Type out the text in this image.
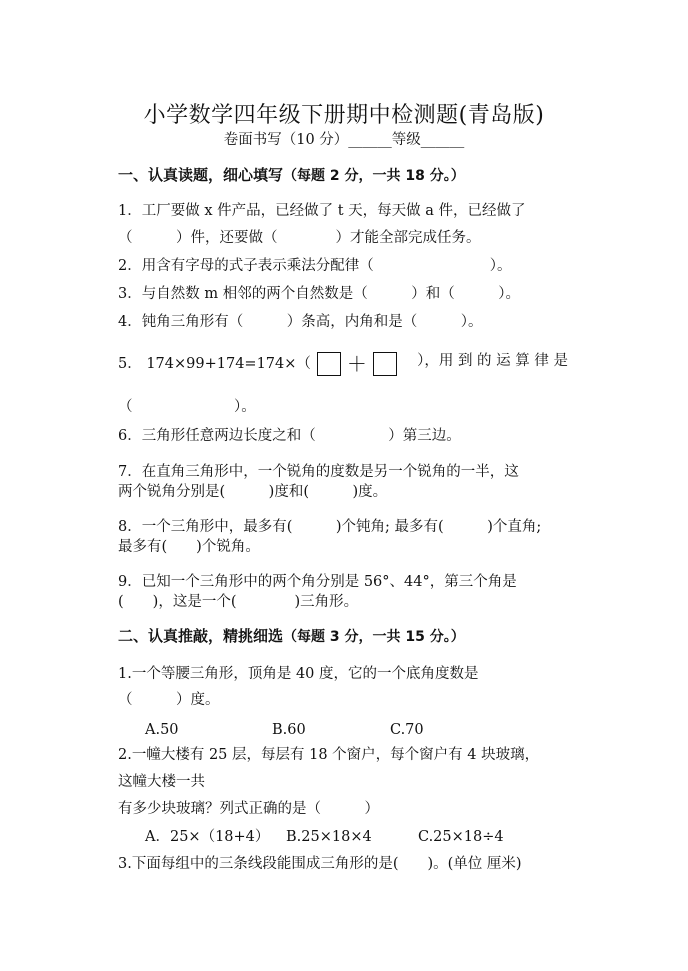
小学数学四年级下册期中检测题(青岛版)
卷面书写（10 分）______等级______
一、认真读题，细心填写（每题 2 分，一共 18 分。）
1．工厂要做 x 件产品，已经做了 t 天，每天做 a 件，已经做了
（　　　）件，还要做（　　　　）才能全部完成任务。
2．用含有字母的式子表示乘法分配律（　　　　　　　　）。
3．与自然数 m 相邻的两个自然数是（　　　）和（　　　）。
4．钝角三角形有（　　　）条高，内角和是（　　　）。
5． 174×99+174=174×（ ＋	），用 到 的 运 算 律 是
（　　　　　　　）。
6．三角形任意两边长度之和（　　　　　）第三边。
7．在直角三角形中，一个锐角的度数是另一个锐角的一半，这
两个锐角分别是(　　　)度和(　　　)度。
8．一个三角形中，最多有(　　　)个钝角; 最多有(　　　)个直角;
最多有(　　)个锐角。
9．已知一个三角形中的两个角分别是 56°、44°，第三个角是
(　　)，这是一个(　　　　)三角形。
二、认真推敲，精挑细选（每题 3 分，一共 15 分。）
1.一个等腰三角形，顶角是 40 度，它的一个底角度数是
（　　　）度。
A.50	B.60	C.70
2.一幢大楼有 25 层，每层有 18 个窗户，每个窗户有 4 块玻璃，
这幢大楼一共
有多少块玻璃？列式正确的是（　　　）
A．25×（18+4） B.25×18×4	C.25×18÷4
3.下面每组中的三条线段能围成三角形的是(　　)。(单位 厘米)
